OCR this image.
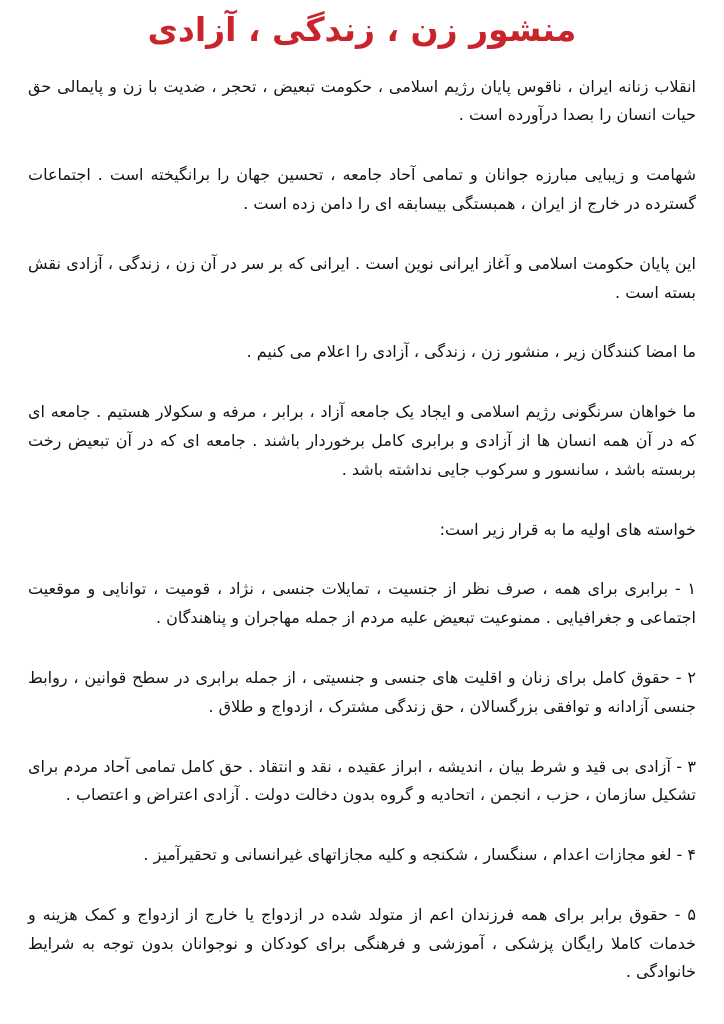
منشور زن ، زندگی ، آزادی

انقلاب زنانه ایران ، ناقوس پایان رژیم اسلامی ، حکومت تبعیض ، تحجر ، ضدیت با زن و پایمالی حق حیات انسان را بصدا درآورده است .

شهامت و زیبایی مبارزه جوانان و تمامی آحاد جامعه ، تحسین جهان را برانگیخته است . اجتماعات گسترده در خارج از ایران ، همبستگی بیسابقه ای را دامن زده است .

این پایان حکومت اسلامی و آغاز ایرانی نوین است . ایرانی که بر سر در آن زن ، زندگی ، آزادی نقش بسته است .

ما امضا کنندگان زیر ، منشور زن ، زندگی ، آزادی را اعلام می کنیم .

ما خواهان سرنگونی رژیم اسلامی و ایجاد یک جامعه آزاد ، برابر ، مرفه و سکولار هستیم . جامعه ای که در آن همه انسان ها از آزادی و برابری کامل برخوردار باشند . جامعه ای که در آن تبعیض رخت بربسته باشد ، سانسور و سرکوب جایی نداشته باشد .

خواسته های اولیه ما به قرار زیر است:

۱ - برابری برای همه ، صرف نظر از جنسیت ، تمایلات جنسی ، نژاد ، قومیت ، توانایی و موقعیت اجتماعی و جغرافیایی . ممنوعیت تبعیض علیه مردم از جمله مهاجران و پناهندگان .

۲ - حقوق کامل برای زنان و اقلیت های جنسی و جنسیتی ، از جمله برابری در سطح قوانین ، روابط جنسی آزادانه و توافقی بزرگسالان ، حق زندگی مشترک ، ازدواج و طلاق .

۳ - آزادی بی قید و شرط بیان ، اندیشه ، ابراز عقیده ، نقد و انتقاد . حق کامل تمامی آحاد مردم برای تشکیل سازمان ، حزب ، انجمن ، اتحادیه و گروه بدون دخالت دولت . آزادی اعتراض و اعتصاب .

۴ - لغو مجازات اعدام ، سنگسار ، شکنجه و کلیه مجازاتهای غیرانسانی و تحقیرآمیز .

۵ - حقوق برابر برای همه فرزندان اعم از متولد شده در ازدواج یا خارج از ازدواج و کمک هزینه و خدمات کاملا رایگان پزشکی ، آموزشی و فرهنگی برای کودکان و نوجوانان بدون توجه به شرایط خانوادگی .
